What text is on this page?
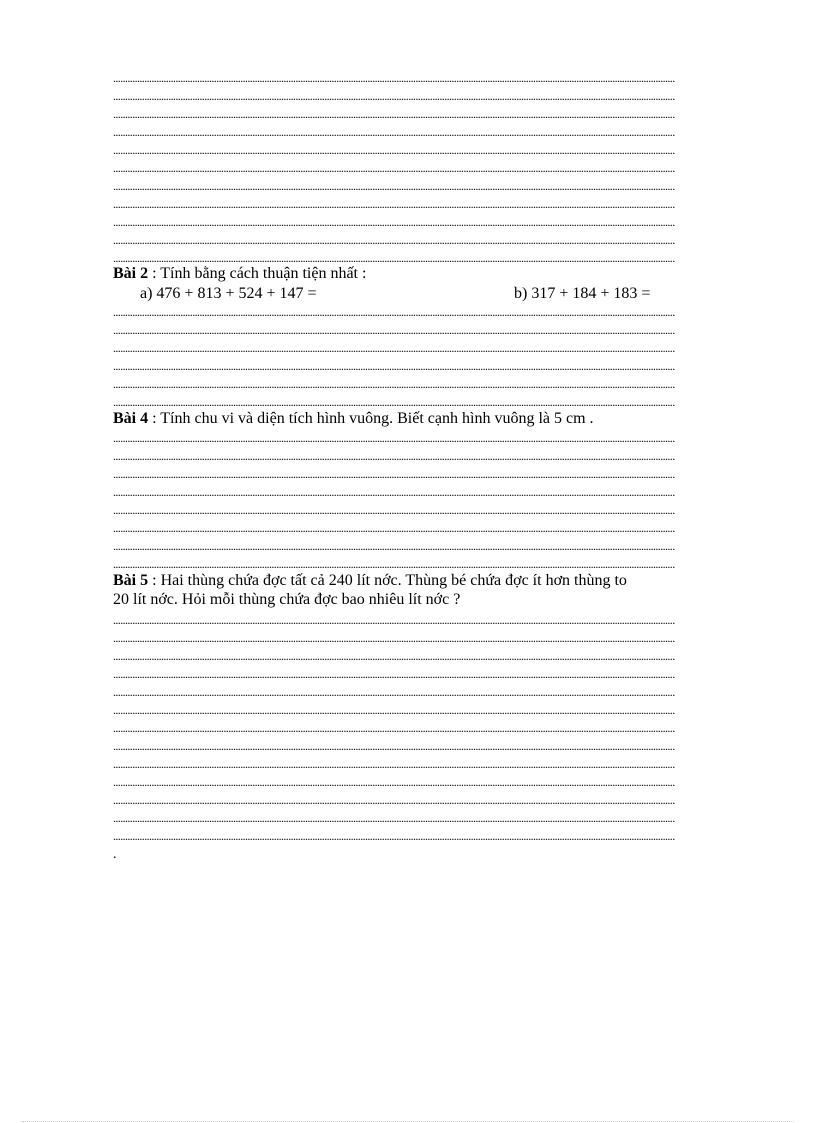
..........................................................................................................................................................................................................................................
..........................................................................................................................................................................................................................................
..........................................................................................................................................................................................................................................
..........................................................................................................................................................................................................................................
..........................................................................................................................................................................................................................................
..........................................................................................................................................................................................................................................
..........................................................................................................................................................................................................................................
..........................................................................................................................................................................................................................................
..........................................................................................................................................................................................................................................
..........................................................................................................................................................................................................................................
..........................................................................................................................................................................................................................................
Bài 2 : Tính bằng cách thuận tiện nhất :
a) 476 + 813 + 524 + 147 =	b) 317 + 184 + 183 =
..........................................................................................................................................................................................................................................
..........................................................................................................................................................................................................................................
..........................................................................................................................................................................................................................................
..........................................................................................................................................................................................................................................
..........................................................................................................................................................................................................................................
..........................................................................................................................................................................................................................................
Bài 4 : Tính chu vi và diện tích hình vuông. Biết cạnh hình vuông là 5 cm .
..........................................................................................................................................................................................................................................
..........................................................................................................................................................................................................................................
..........................................................................................................................................................................................................................................
..........................................................................................................................................................................................................................................
..........................................................................................................................................................................................................................................
..........................................................................................................................................................................................................................................
..........................................................................................................................................................................................................................................
..........................................................................................................................................................................................................................................
Bài 5 : Hai thùng chứa đợc tất cả 240 lít nớc. Thùng bé chứa đợc ít hơn thùng to
20 lít nớc. Hỏi mỗi thùng chứa đợc bao nhiêu lít nớc ?
..........................................................................................................................................................................................................................................
..........................................................................................................................................................................................................................................
..........................................................................................................................................................................................................................................
..........................................................................................................................................................................................................................................
..........................................................................................................................................................................................................................................
..........................................................................................................................................................................................................................................
..........................................................................................................................................................................................................................................
..........................................................................................................................................................................................................................................
..........................................................................................................................................................................................................................................
..........................................................................................................................................................................................................................................
..........................................................................................................................................................................................................................................
..........................................................................................................................................................................................................................................
..........................................................................................................................................................................................................................................
.
